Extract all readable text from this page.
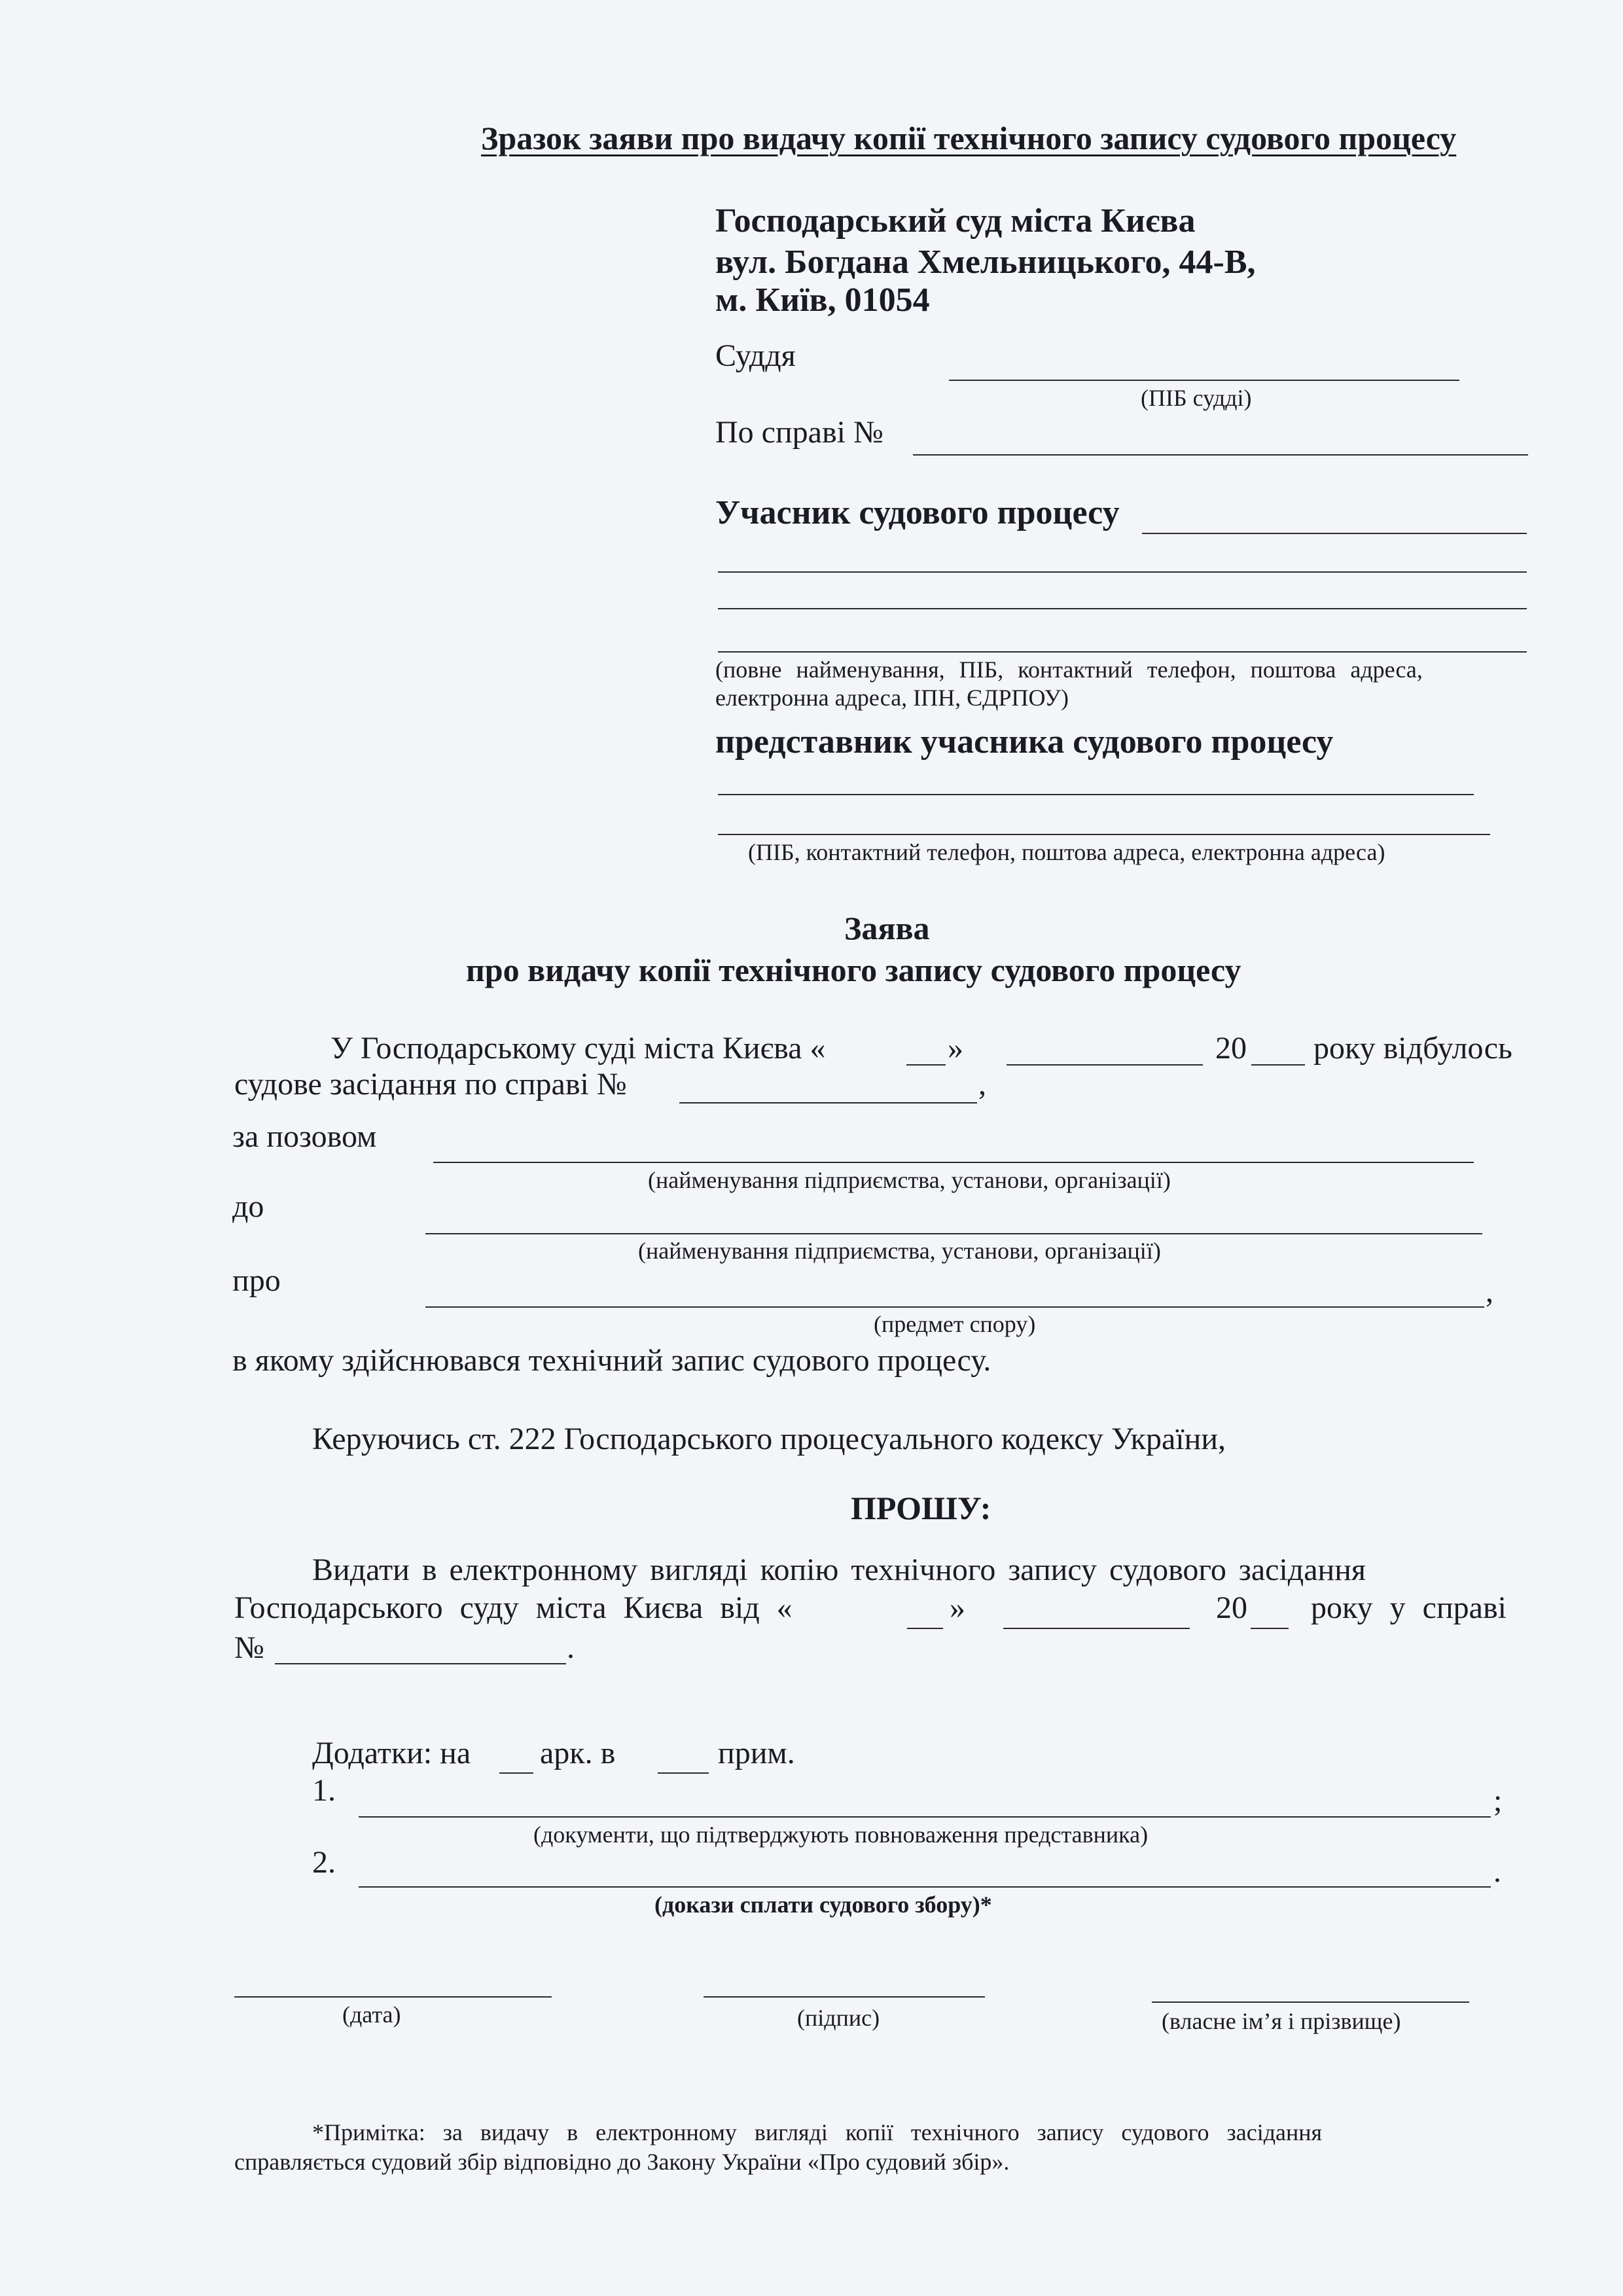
Зразок заяви про видачу копії технічного запису судового процесу
Господарський суд міста Києва
вул. Богдана Хмельницького, 44-В,
м. Київ, 01054
Суддя
(ПІБ судді)
По справі №
Учасник судового процесу
(повне найменування, ПІБ, контактний телефон, поштова адреса,
електронна адреса, ІПН, ЄДРПОУ)
представник учасника судового процесу
(ПІБ, контактний телефон, поштова адреса, електронна адреса)
Заява
про видачу копії технічного запису судового процесу
У Господарському суді міста Києва «	»	20 року відбулось
судове засідання по справі №	,
за позовом
(найменування підприємства, установи, організації)
до
(найменування підприємства, установи, організації)
про	,
(предмет спору)
в якому здійснювався технічний запис судового процесу.
Керуючись ст. 222 Господарського процесуального кодексу України,
ПРОШУ:
Видати в електронному вигляді копію технічного запису судового засідання
Господарського суду міста Києва від «	»	20 року у справі
№	.
Додатки: на арк. в	прим.
1.	;
(документи, що підтверджують повноваження представника)
2.	.
(докази сплати судового збору)*
(дата)	(підпис)	(власне ім’я і прізвище)
*Примітка: за видачу в електронному вигляді копії технічного запису судового засідання
справляється судовий збір відповідно до Закону України «Про судовий збір».
